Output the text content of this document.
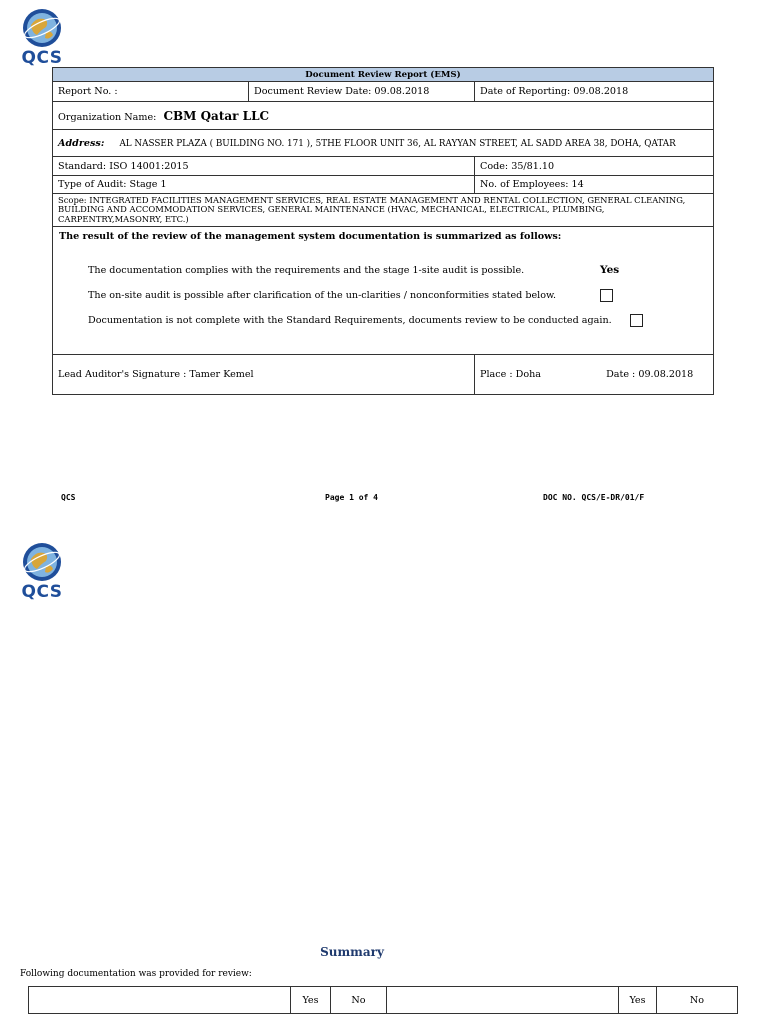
QCS
Document Review Report (EMS)		
Report No. :	Document Review Date: 09.08.2018	Date of Reporting: 09.08.2018
Organization Name: CBM Qatar LLC		
Address: AL NASSER PLAZA ( BUILDING NO. 171 ), 5THE FLOOR UNIT 36, AL RAYYAN STREET, AL SADD AREA 38, DOHA, QATAR		
Standard: ISO 14001:2015		Code: 35/81.10
Type of Audit: Stage 1		No. of Employees: 14
Scope: INTEGRATED FACILITIES MANAGEMENT SERVICES, REAL ESTATE MANAGEMENT AND RENTAL COLLECTION, GENERAL CLEANING, BUILDING AND ACCOMMODATION SERVICES, GENERAL MAINTENANCE (HVAC, MECHANICAL, ELECTRICAL, PLUMBING, CARPENTRY,MASONRY, ETC.)		

The result of the review of the management system documentation is summarized as follows:
The documentation complies with the requirements and the stage 1-site audit is possible. Yes
The on-site audit is possible after clarification of the un-clarities / nonconformities stated below.
Documentation is not complete with the Standard Requirements, documents review to be conducted again.		

Lead Auditor's Signature : Tamer Kemel		Place : Doha Date : 09.08.2018
QCS	Page 1 of 4	DOC NO. QCS/E-DR/01/F
QCS
Summary
Following documentation was provided for review:
	Yes	No		Yes	No
